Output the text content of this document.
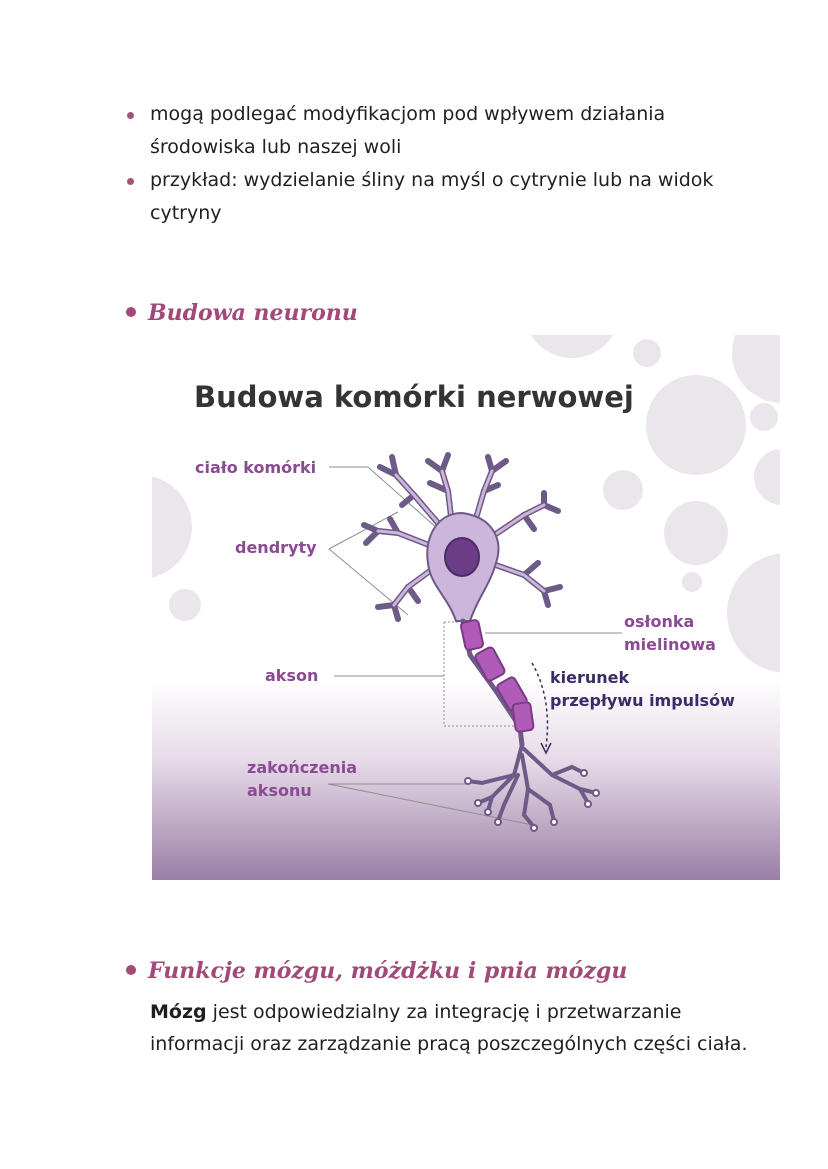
mogą podlegać modyfikacjom pod wpływem działania środowiska lub naszej woli
przykład: wydzielanie śliny na myśl o cytrynie lub na widok cytryny
Budowa neuronu
Budowa komórki nerwowej
ciało komórki
dendryty
akson
osłonka
mielinowa
zakończenia
aksonu
kierunek
przepływu impulsów
Funkcje mózgu, móżdżku i pnia mózgu
Mózg jest odpowiedzialny za integrację i przetwarzanie informacji oraz zarządzanie pracą poszczególnych części ciała.
